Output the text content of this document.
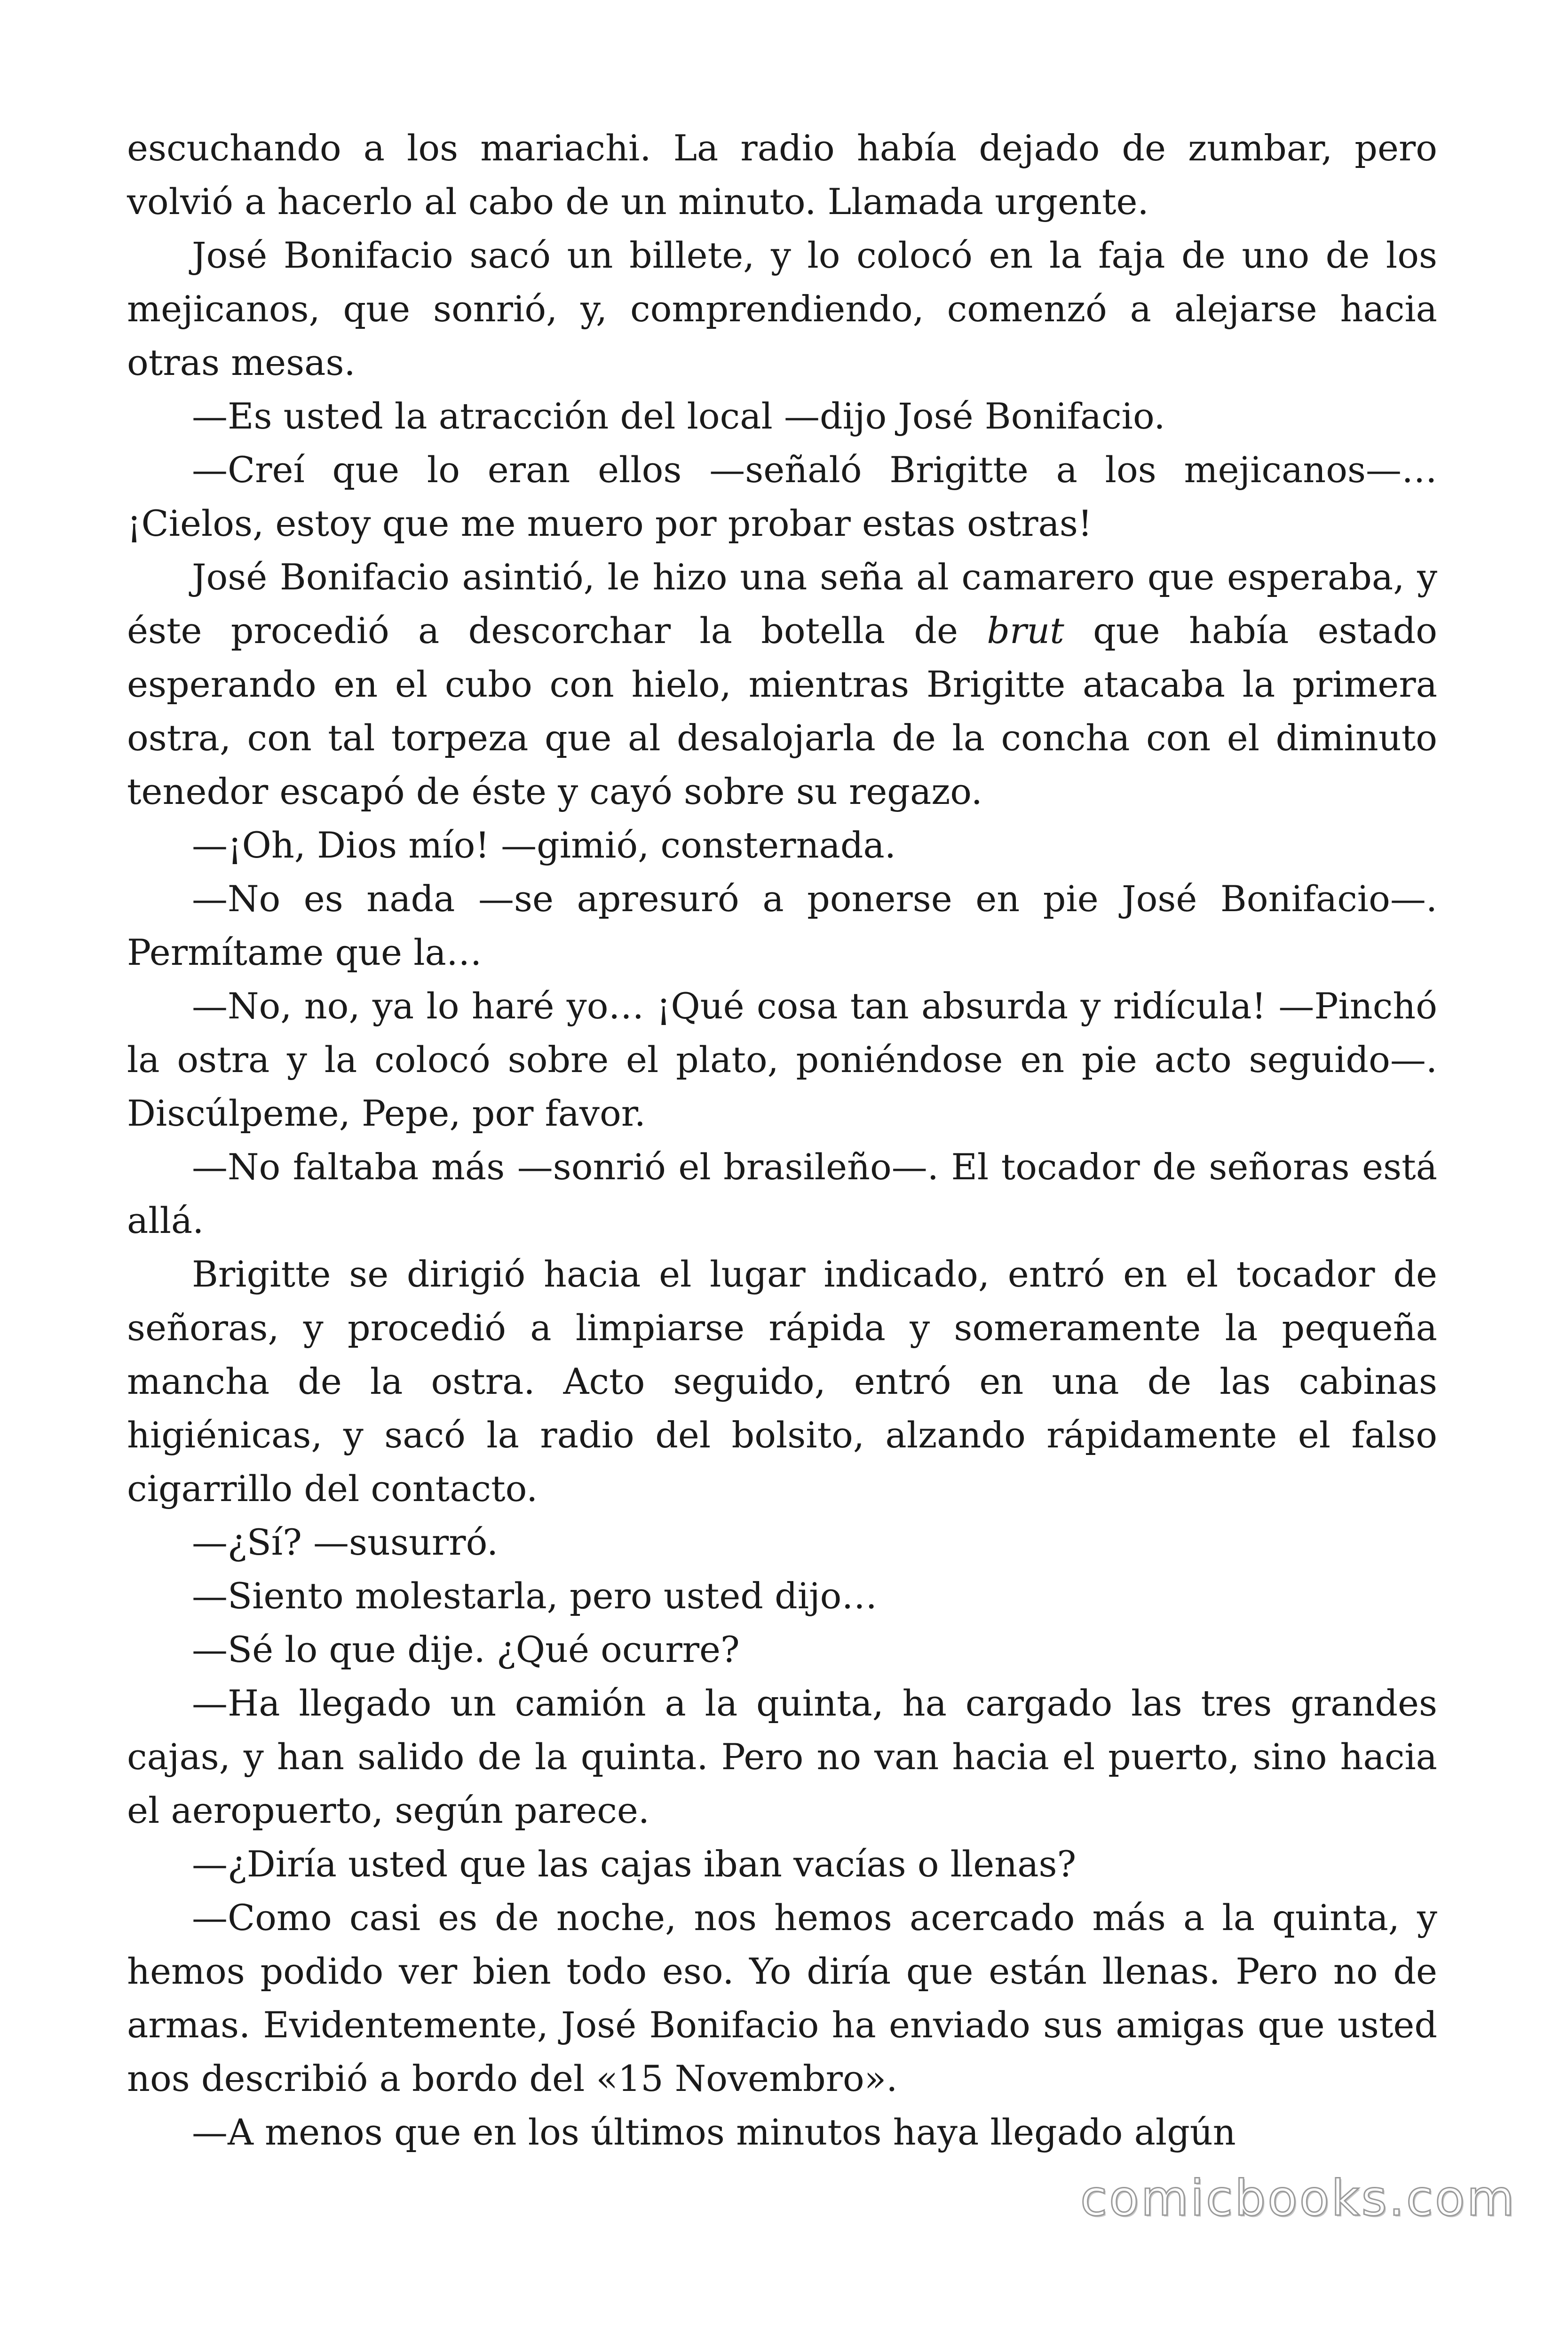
escuchando a los mariachi. La radio había dejado de zumbar, pero volvió a hacerlo al cabo de un minuto. Llamada urgente.

José Bonifacio sacó un billete, y lo colocó en la faja de uno de los mejicanos, que sonrió, y, comprendiendo, comenzó a alejarse hacia otras mesas.

—Es usted la atracción del local —dijo José Bonifacio.

—Creí que lo eran ellos —señaló Brigitte a los mejicanos—… ¡Cielos, estoy que me muero por probar estas ostras!

José Bonifacio asintió, le hizo una seña al camarero que esperaba, y éste procedió a descorchar la botella de brut que había estado esperando en el cubo con hielo, mientras Brigitte atacaba la primera ostra, con tal torpeza que al desalojarla de la concha con el diminuto tenedor escapó de éste y cayó sobre su regazo.

—¡Oh, Dios mío! —gimió, consternada.

—No es nada —se apresuró a ponerse en pie José Bonifacio—. Permítame que la…

—No, no, ya lo haré yo… ¡Qué cosa tan absurda y ridícula! —Pinchó la ostra y la colocó sobre el plato, poniéndose en pie acto seguido—. Discúlpeme, Pepe, por favor.

—No faltaba más —sonrió el brasileño—. El tocador de señoras está allá.

Brigitte se dirigió hacia el lugar indicado, entró en el tocador de señoras, y procedió a limpiarse rápida y someramente la pequeña mancha de la ostra. Acto seguido, entró en una de las cabinas higiénicas, y sacó la radio del bolsito, alzando rápidamente el falso cigarrillo del contacto.

—¿Sí? —susurró.

—Siento molestarla, pero usted dijo…

—Sé lo que dije. ¿Qué ocurre?

—Ha llegado un camión a la quinta, ha cargado las tres grandes cajas, y han salido de la quinta. Pero no van hacia el puerto, sino hacia el aeropuerto, según parece.

—¿Diría usted que las cajas iban vacías o llenas?

—Como casi es de noche, nos hemos acercado más a la quinta, y hemos podido ver bien todo eso. Yo diría que están llenas. Pero no de armas. Evidentemente, José Bonifacio ha enviado sus amigas que usted nos describió a bordo del «15 Novembro».

—A menos que en los últimos minutos haya llegado algún

comicbooks.com
